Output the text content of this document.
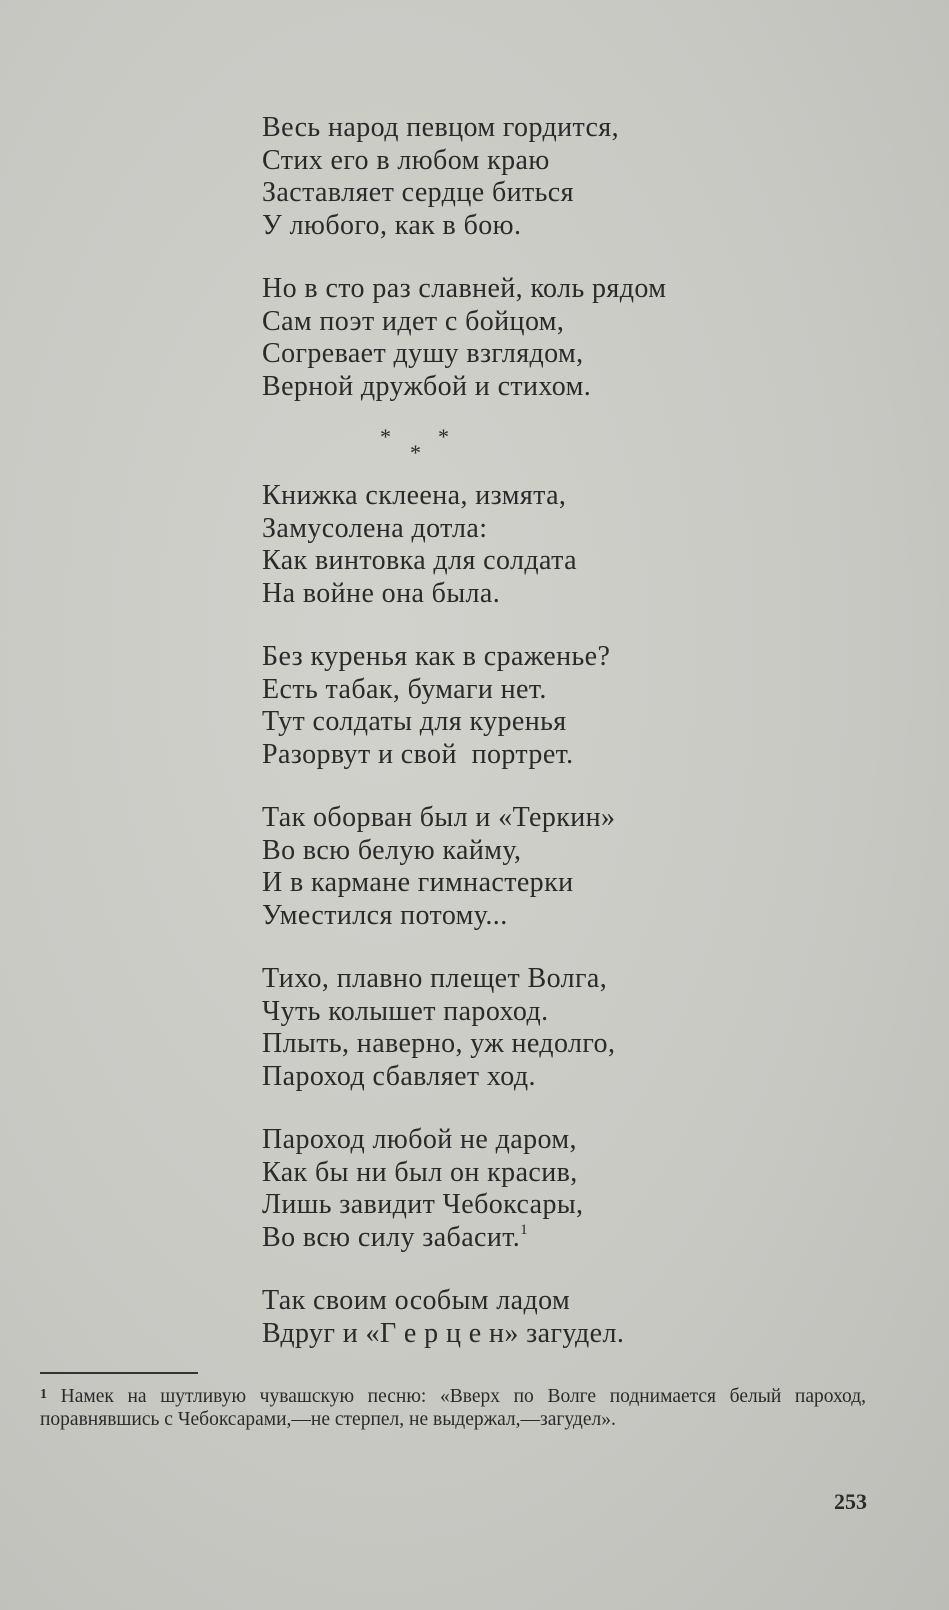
Весь народ певцом гордится,
Стих его в любом краю
Заставляет сердце биться
У любого, как в бою.
Но в сто раз славней, коль рядом
Сам поэт идет с бойцом,
Согревает душу взглядом,
Верной дружбой и стихом.
*
*
*
Книжка склеена, измята,
Замусолена дотла:
Как винтовка для солдата
На войне она была.
Без куренья как в сраженье?
Есть табак, бумаги нет.
Тут солдаты для куренья
Разорвут и свой  портрет.
Так оборван был и «Теркин»
Во всю белую кайму,
И в кармане гимнастерки
Уместился потому...
Тихо, плавно плещет Волга,
Чуть колышет пароход.
Плыть, наверно, уж недолго,
Пароход сбавляет ход.
Пароход любой не даром,
Как бы ни был он красив,
Лишь завидит Чебоксары,
Во всю силу забасит.$^1$
Так своим особым ладом
Вдруг и «Г е р ц е н» загудел.
$^1$ Намек на шутливую чувашскую песню: «Вверх по Волге поднимается белый пароход, поравнявшись с Чебоксарами,—не стерпел, не выдержал,—загудел».
253
